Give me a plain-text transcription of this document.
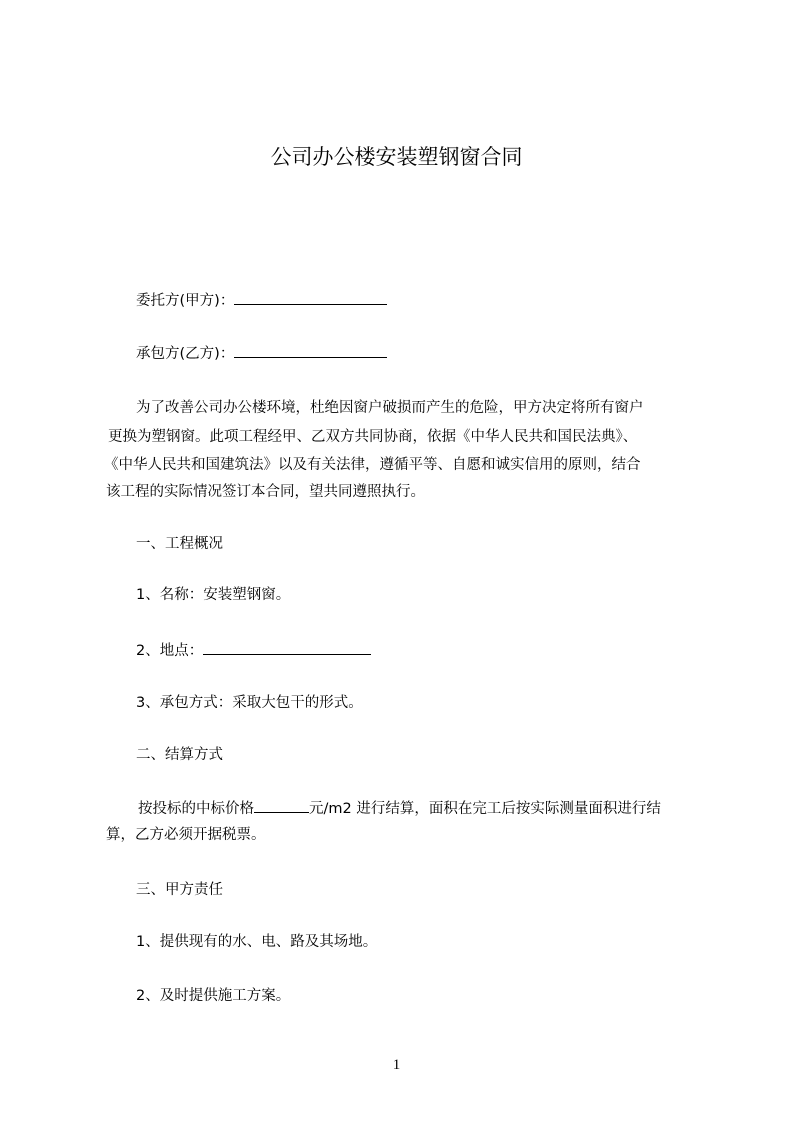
公司办公楼安装塑钢窗合同
委托方(甲方)：
承包方(乙方)：
为了改善公司办公楼环境，杜绝因窗户破损而产生的危险，甲方决定将所有窗户
更换为塑钢窗。此项工程经甲、乙双方共同协商，依据《中华人民共和国民法典》、
《中华人民共和国建筑法》以及有关法律，遵循平等、自愿和诚实信用的原则，结合
该工程的实际情况签订本合同，望共同遵照执行。
一、工程概况
1、名称：安装塑钢窗。
2、地点：
3、承包方式：采取大包干的形式。
二、结算方式
按投标的中标价格	元/m2 进行结算，面积在完工后按实际测量面积进行结
算，乙方必须开据税票。
三、甲方责任
1、提供现有的水、电、路及其场地。
2、及时提供施工方案。
1
